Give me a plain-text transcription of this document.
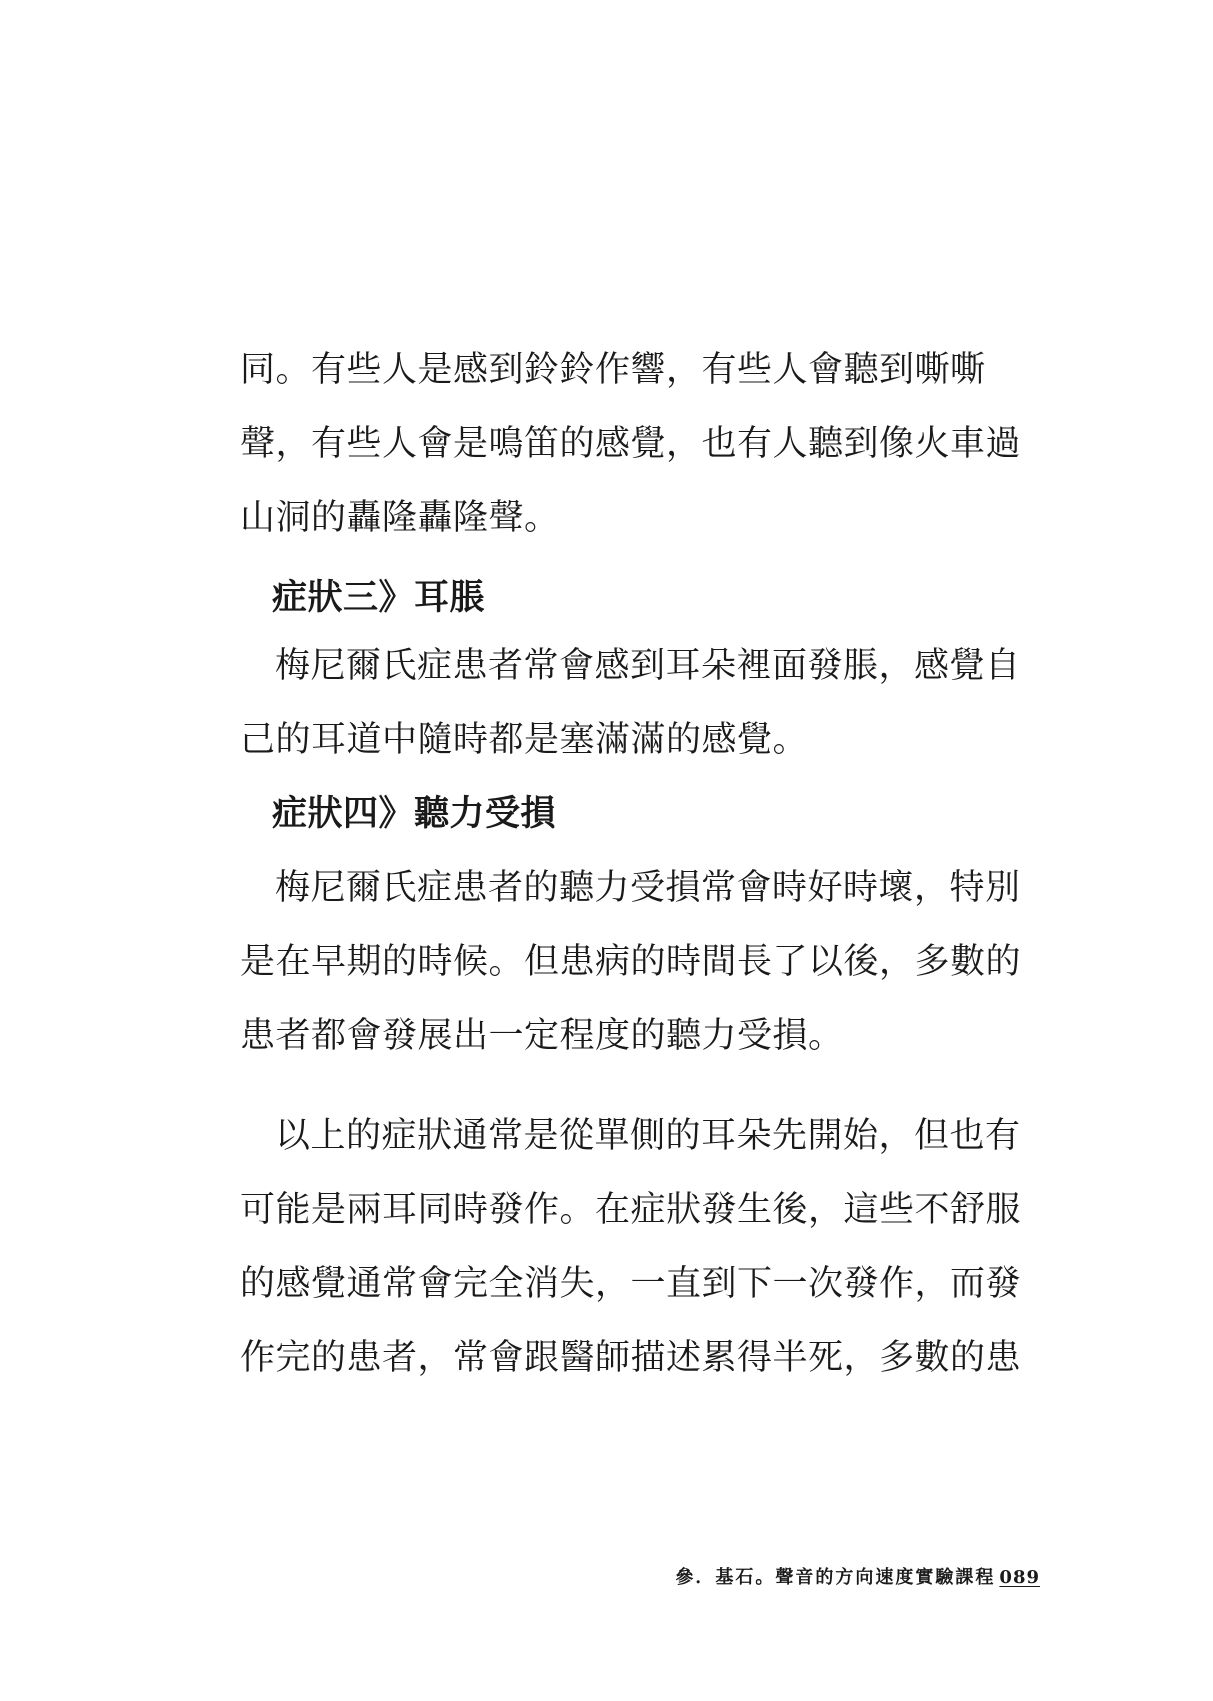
同。有些人是感到鈴鈴作響，有些人會聽到嘶嘶
聲，有些人會是鳴笛的感覺，也有人聽到像火車過
山洞的轟隆轟隆聲。

症狀三》耳脹

梅尼爾氏症患者常會感到耳朵裡面發脹，感覺自
己的耳道中隨時都是塞滿滿的感覺。

症狀四》聽力受損

梅尼爾氏症患者的聽力受損常會時好時壞，特別
是在早期的時候。但患病的時間長了以後，多數的
患者都會發展出一定程度的聽力受損。

以上的症狀通常是從單側的耳朵先開始，但也有
可能是兩耳同時發作。在症狀發生後，這些不舒服
的感覺通常會完全消失，一直到下一次發作，而發
作完的患者，常會跟醫師描述累得半死，多數的患

參．基石。聲音的方向速度實驗課程 089
